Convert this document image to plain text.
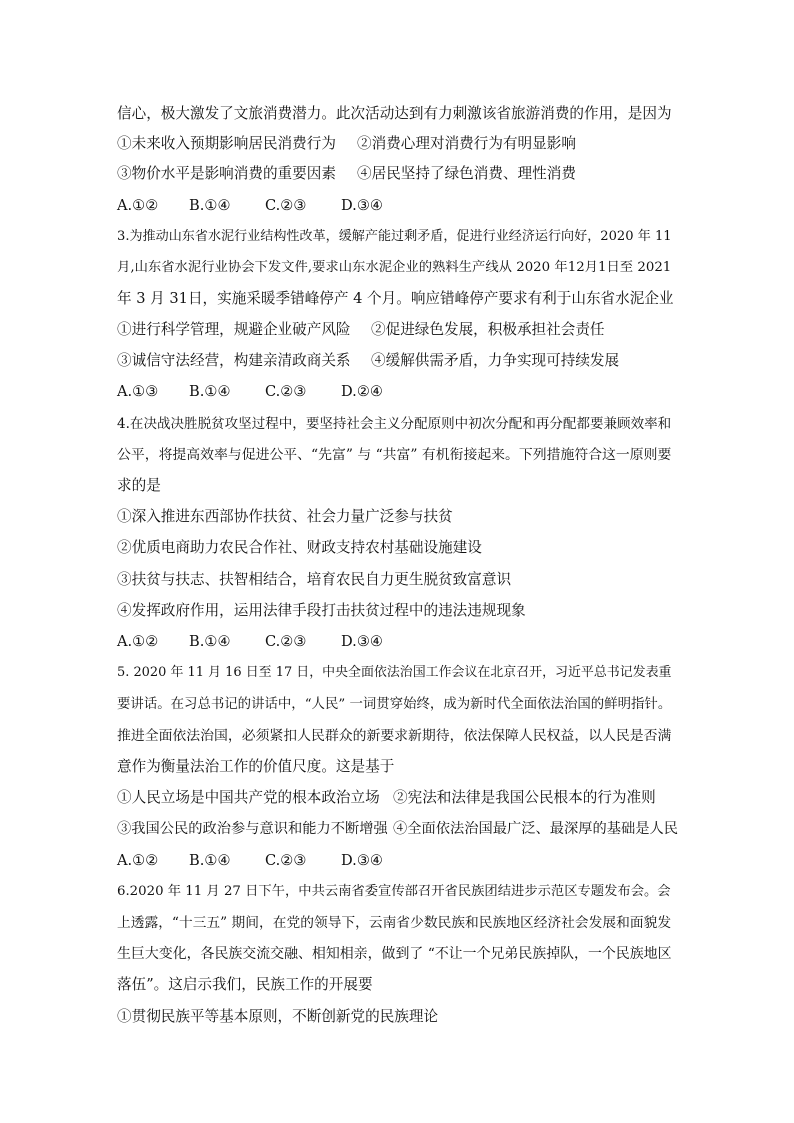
信心，极大激发了文旅消费潜力。此次活动达到有力刺激该省旅游消费的作用，是因为
①未来收入预期影响居民消费行为 ②消费心理对消费行为有明显影响
③物价水平是影响消费的重要因素 ④居民坚持了绿色消费、理性消费
A.①② B.①④ C.②③ D.③④
3.为推动山东省水泥行业结构性改革，缓解产能过剩矛盾，促进行业经济运行向好，2020 年 11
月,山东省水泥行业协会下发文件,要求山东水泥企业的熟料生产线从 2020 年12月1日至 2021
年 3 月 31日，实施采暖季错峰停产 4 个月。响应错峰停产要求有利于山东省水泥企业
①进行科学管理，规避企业破产风险 ②促进绿色发展，积极承担社会责任
③诚信守法经营，构建亲清政商关系 ④缓解供需矛盾，力争实现可持续发展
A.①③ B.①④ C.②③ D.②④
4.在决战决胜脱贫攻坚过程中，要坚持社会主义分配原则中初次分配和再分配都要兼顾效率和
公平，将提高效率与促进公平、“先富” 与 “共富” 有机衔接起来。下列措施符合这一原则要
求的是
①深入推进东西部协作扶贫、社会力量广泛参与扶贫
②优质电商助力农民合作社、财政支持农村基础设施建设
③扶贫与扶志、扶智相结合，培育农民自力更生脱贫致富意识
④发挥政府作用，运用法律手段打击扶贫过程中的违法违规现象
A.①② B.①④ C.②③ D.③④
5. 2020 年 11 月 16 日至 17 日，中央全面依法治国工作会议在北京召开，习近平总书记发表重
要讲话。在习总书记的讲话中，“人民” 一词贯穿始终，成为新时代全面依法治国的鲜明指针。
推进全面依法治国，必须紧扣人民群众的新要求新期待，依法保障人民权益，以人民是否满
意作为衡量法治工作的价值尺度。这是基于
①人民立场是中国共产党的根本政治立场 ②宪法和法律是我国公民根本的行为准则
③我国公民的政治参与意识和能力不断增强 ④全面依法治国最广泛、最深厚的基础是人民
A.①② B.①④ C.②③ D.③④
6.2020 年 11 月 27 日下午，中共云南省委宣传部召开省民族团结进步示范区专题发布会。会
上透露，“十三五” 期间，在党的领导下，云南省少数民族和民族地区经济社会发展和面貌发
生巨大变化，各民族交流交融、相知相亲，做到了 “不让一个兄弟民族掉队，一个民族地区
落伍”。这启示我们，民族工作的开展要
①贯彻民族平等基本原则，不断创新党的民族理论
